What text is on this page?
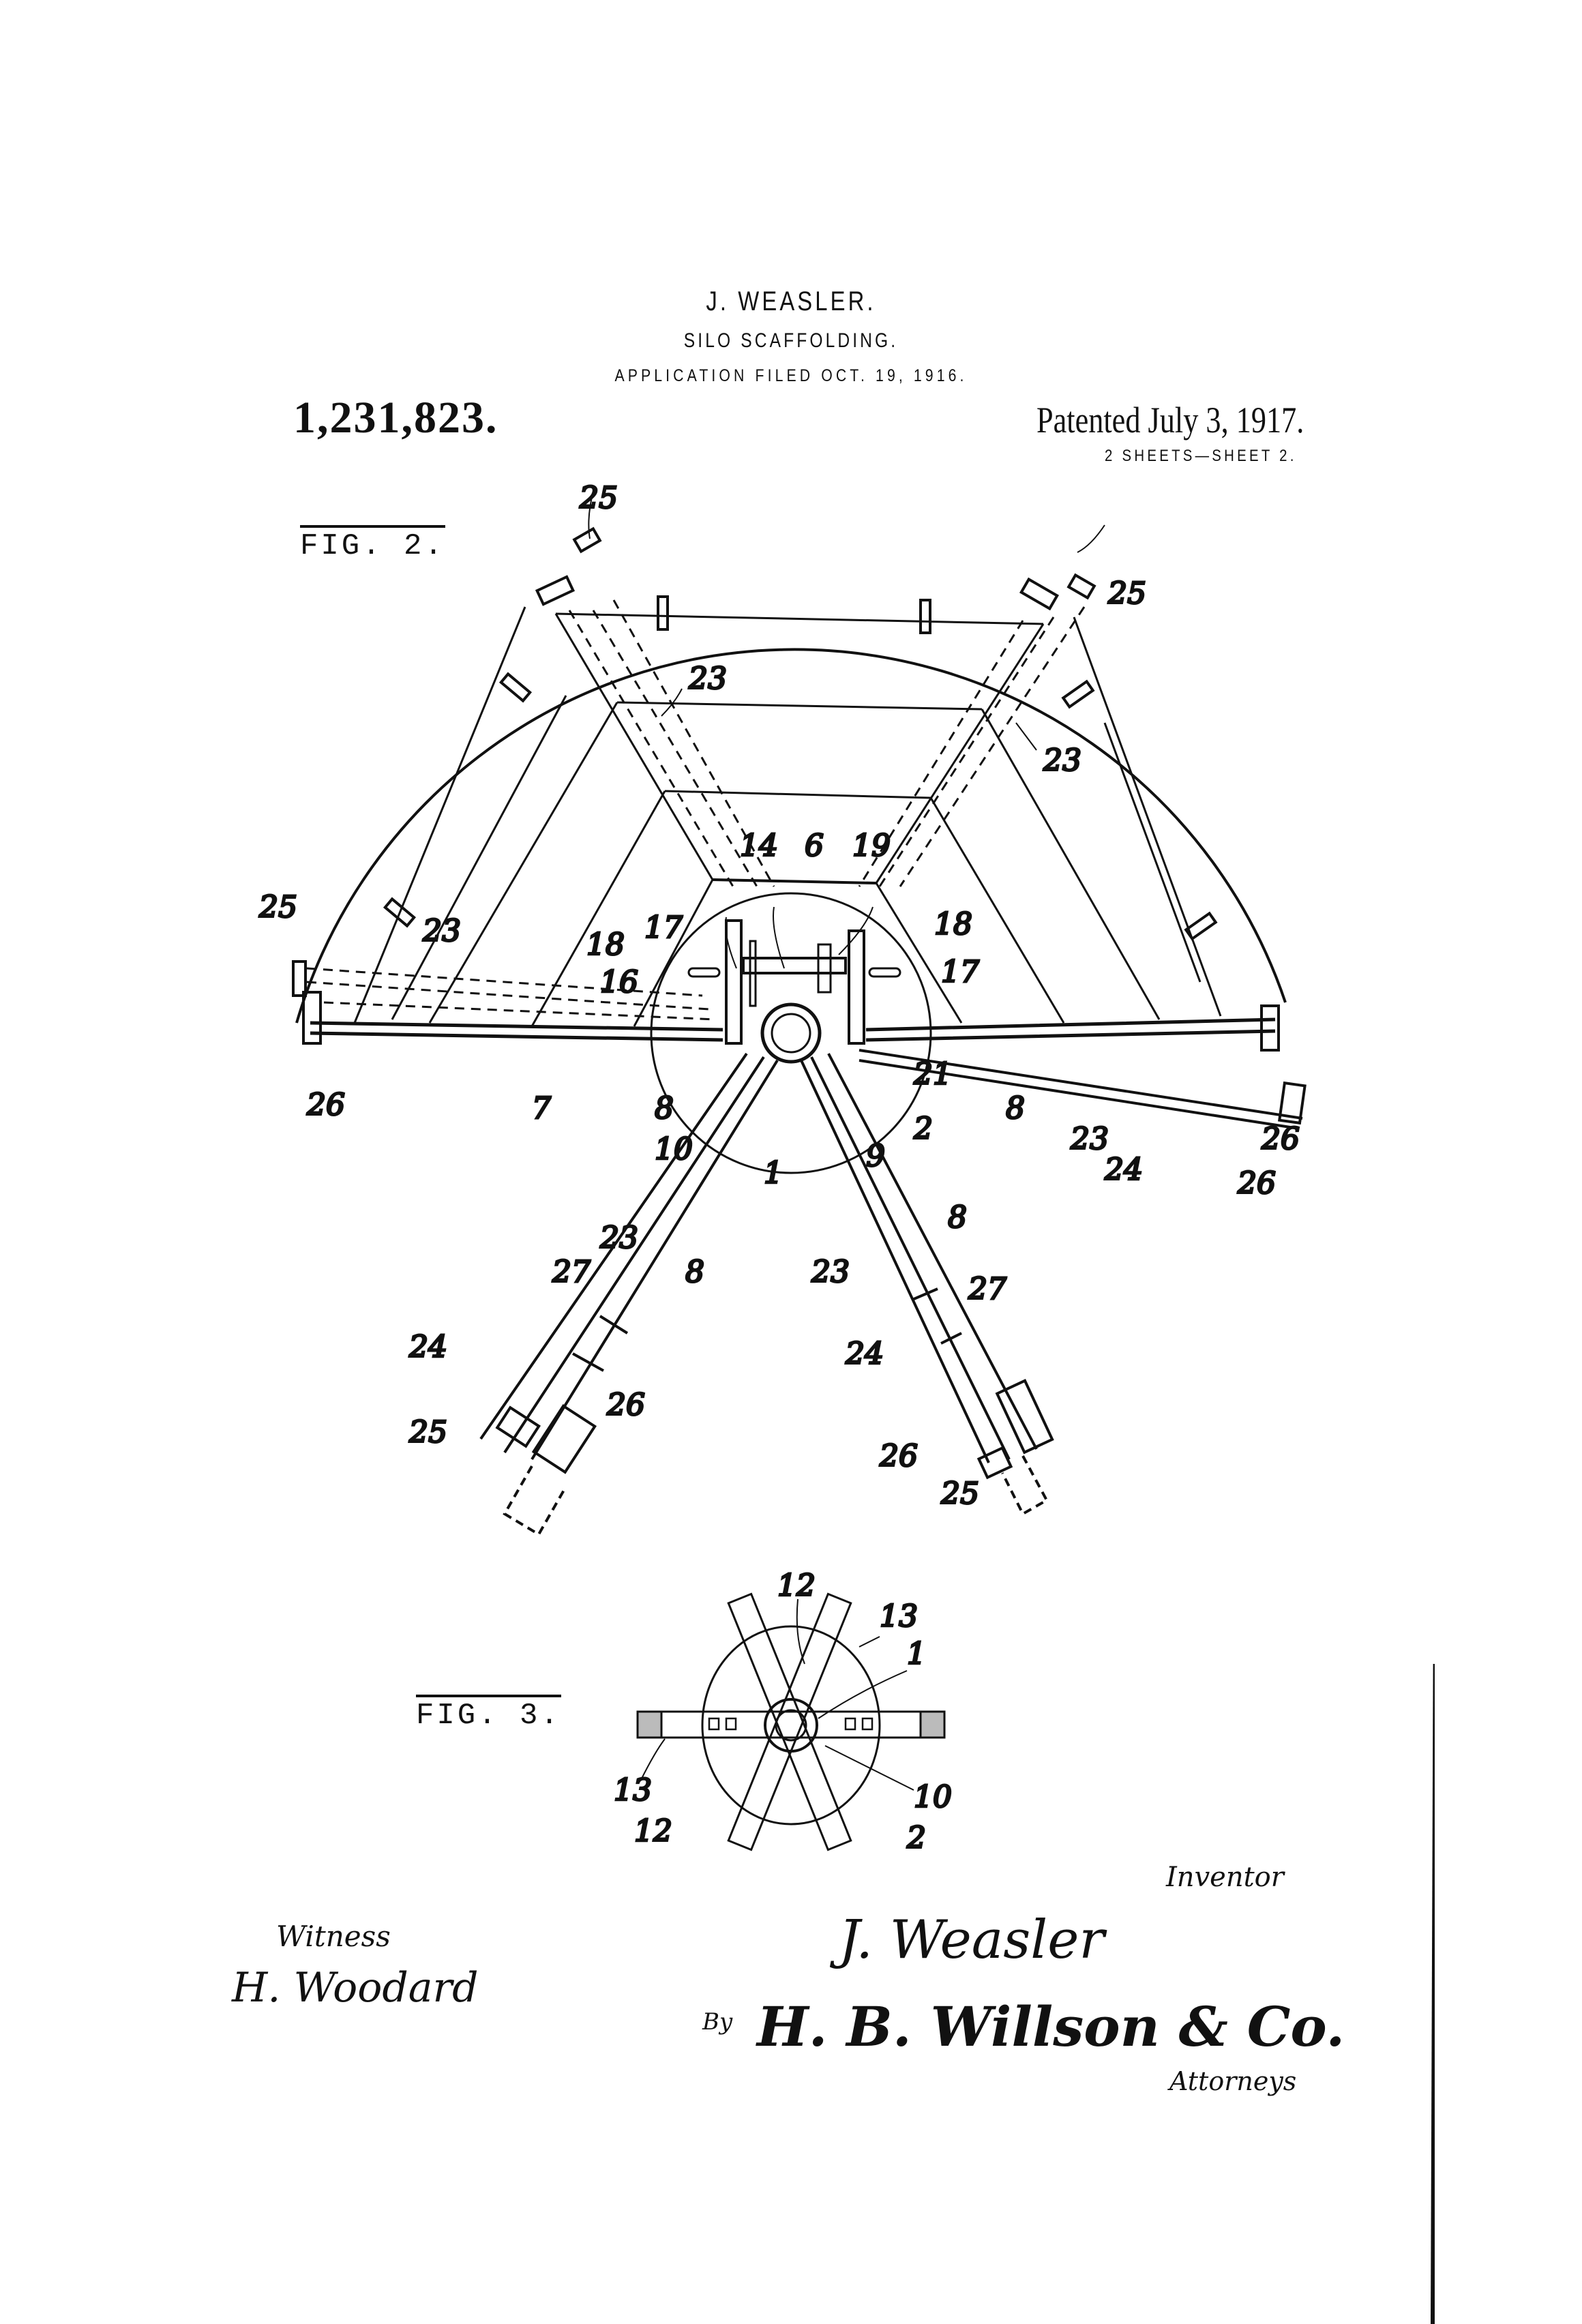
J. WEASLER.
SILO SCAFFOLDING.
APPLICATION FILED OCT. 19, 1916.
1,231,823.	Patented July 3, 1917.
2 SHEETS—SHEET 2.
FIG. 2.
FIG. 3.
25
25
23
23
25
23	17
18
16
14 6 19
18
17
7	8
10
1	9
2
21
8
23
24
26
26
26
23
27	8
24
25
26
23
8
27
24
26
25
12
13
1
13
12
10
2
Inventor
J. Weasler
Witness
H. Woodard
By H. B. Willson & Co.
Attorneys
